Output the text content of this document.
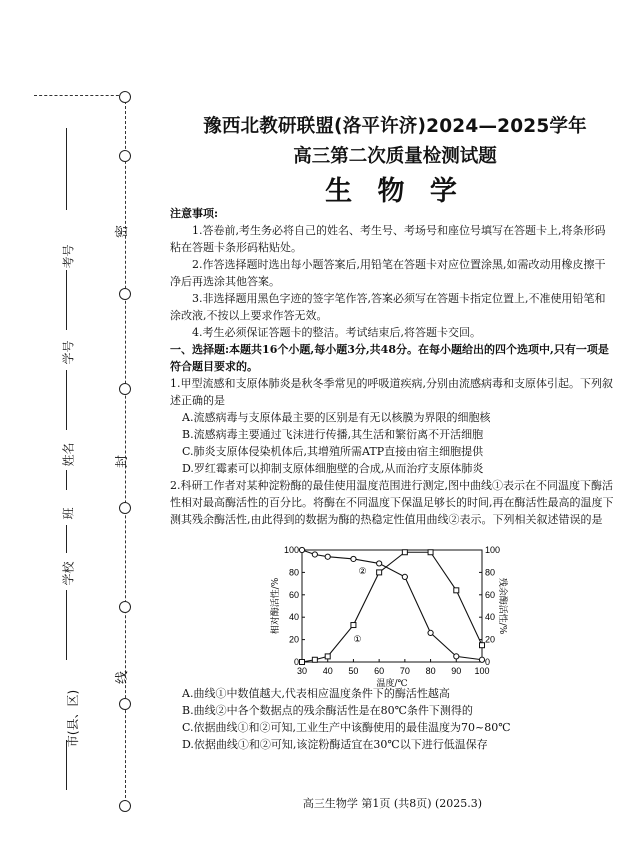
密
封
线
考号
学号
姓名
班
学校
市(县、区)
豫西北教研联盟(洛平许济)2024—2025学年
高三第二次质量检测试题
生 物 学

注意事项:

1.答卷前,考生务必将自己的姓名、考生号、考场号和座位号填写在答题卡上,将条形码粘在答题卡条形码粘贴处。

2.作答选择题时选出每小题答案后,用铅笔在答题卡对应位置涂黑,如需改动用橡皮擦干净后再选涂其他答案。

3.非选择题用黑色字迹的签字笔作答,答案必须写在答题卡指定位置上,不准使用铅笔和涂改液,不按以上要求作答无效。

4.考生必须保证答题卡的整洁。考试结束后,将答题卡交回。

一、选择题:本题共16个小题,每小题3分,共48分。在每小题给出的四个选项中,只有一项是符合题目要求的。

1.甲型流感和支原体肺炎是秋冬季常见的呼吸道疾病,分别由流感病毒和支原体引起。下列叙述正确的是

A.流感病毒与支原体最主要的区别是有无以核膜为界限的细胞核

B.流感病毒主要通过飞沫进行传播,其生活和繁衍离不开活细胞

C.肺炎支原体侵染机体后,其增殖所需ATP直接由宿主细胞提供

D.罗红霉素可以抑制支原体细胞壁的合成,从而治疗支原体肺炎

2.科研工作者对某种淀粉酶的最佳使用温度范围进行测定,图中曲线①表示在不同温度下酶活性相对最高酶活性的百分比。将酶在不同温度下保温足够长的时间,再在酶活性最高的温度下测其残余酶活性,由此得到的数据为酶的热稳定性值用曲线②表示。下列相关叙述错误的是

30 40 50 60 70 80 90 100
0	0
20	20
40	40
60	60
80	80
100	100
温度/℃
相对酶活性/%	残余酶活性/%
①
②

A.曲线①中数值越大,代表相应温度条件下的酶活性越高

B.曲线②中各个数据点的残余酶活性是在80℃条件下测得的

C.依据曲线①和②可知,工业生产中该酶使用的最佳温度为70~80℃

D.依据曲线①和②可知,该淀粉酶适宜在30℃以下进行低温保存

高三生物学 第1页 (共8页) (2025.3)
